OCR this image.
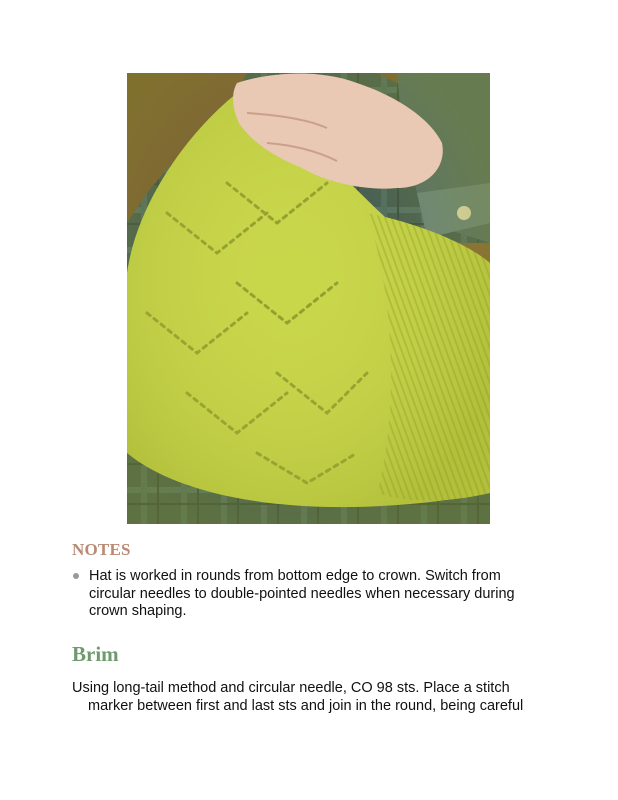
NOTES
Hat is worked in rounds from bottom edge to crown. Switch from circular needles to double-pointed needles when necessary during crown shaping.
Brim
Using long-tail method and circular needle, CO 98 sts. Place a stitch marker between first and last sts and join in the round, being careful
